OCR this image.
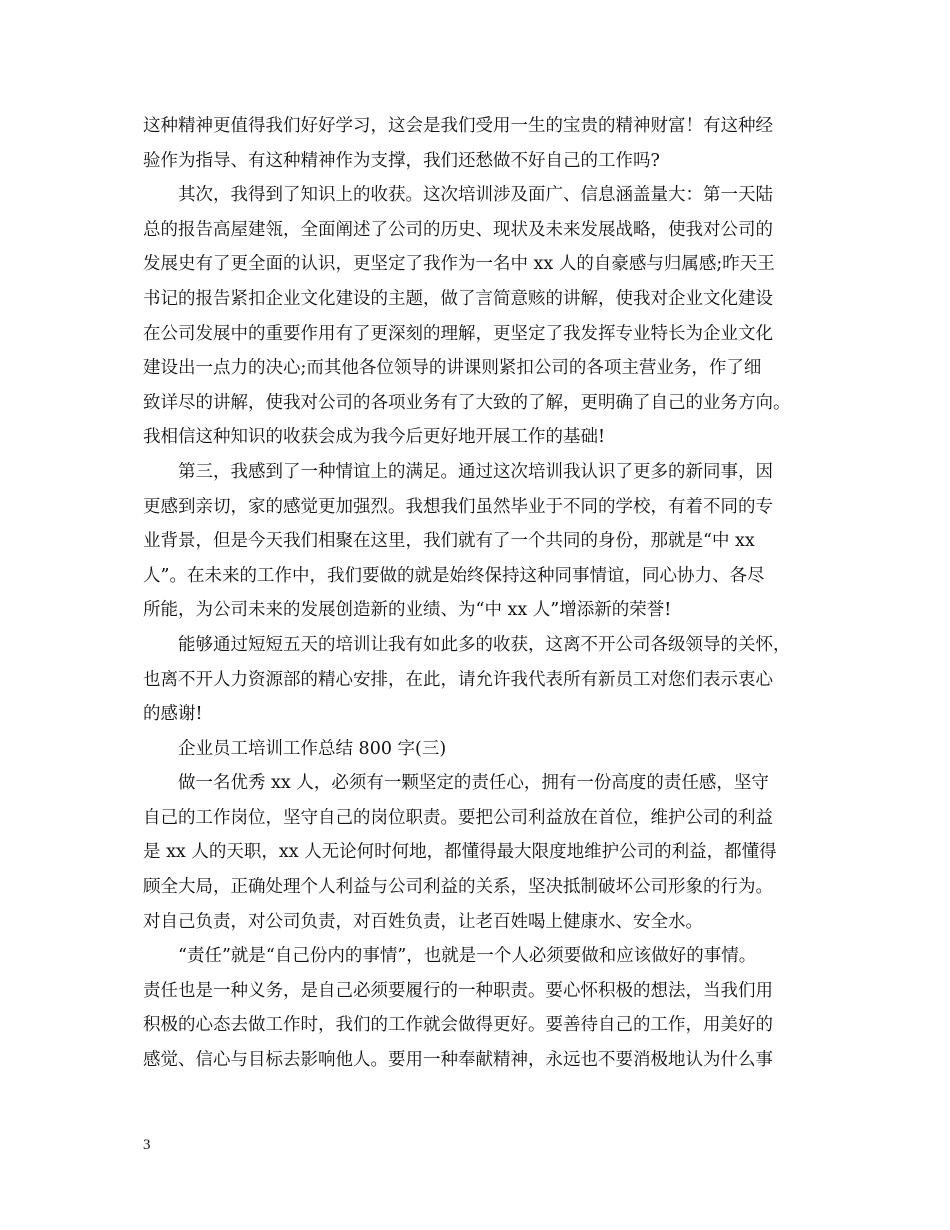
这种精神更值得我们好好学习，这会是我们受用一生的宝贵的精神财富！有这种经
验作为指导、有这种精神作为支撑，我们还愁做不好自己的工作吗?
其次，我得到了知识上的收获。这次培训涉及面广、信息涵盖量大：第一天陆
总的报告高屋建瓴，全面阐述了公司的历史、现状及未来发展战略，使我对公司的
发展史有了更全面的认识，更坚定了我作为一名中 xx 人的自豪感与归属感;昨天王
书记的报告紧扣企业文化建设的主题，做了言简意赅的讲解，使我对企业文化建设
在公司发展中的重要作用有了更深刻的理解，更坚定了我发挥专业特长为企业文化
建设出一点力的决心;而其他各位领导的讲课则紧扣公司的各项主营业务，作了细
致详尽的讲解，使我对公司的各项业务有了大致的了解，更明确了自己的业务方向。
我相信这种知识的收获会成为我今后更好地开展工作的基础!
第三，我感到了一种情谊上的满足。通过这次培训我认识了更多的新同事，因
更感到亲切，家的感觉更加强烈。我想我们虽然毕业于不同的学校，有着不同的专
业背景，但是今天我们相聚在这里，我们就有了一个共同的身份，那就是“中 xx
人”。在未来的工作中，我们要做的就是始终保持这种同事情谊，同心协力、各尽
所能，为公司未来的发展创造新的业绩、为“中 xx 人”增添新的荣誉!
能够通过短短五天的培训让我有如此多的收获，这离不开公司各级领导的关怀，
也离不开人力资源部的精心安排，在此，请允许我代表所有新员工对您们表示衷心
的感谢!
企业员工培训工作总结 800 字(三)
做一名优秀 xx 人，必须有一颗坚定的责任心，拥有一份高度的责任感，坚守
自己的工作岗位，坚守自己的岗位职责。要把公司利益放在首位，维护公司的利益
是 xx 人的天职，xx 人无论何时何地，都懂得最大限度地维护公司的利益，都懂得
顾全大局，正确处理个人利益与公司利益的关系，坚决抵制破坏公司形象的行为。
对自己负责，对公司负责，对百姓负责，让老百姓喝上健康水、安全水。
“责任”就是“自己份内的事情”，也就是一个人必须要做和应该做好的事情。
责任也是一种义务，是自己必须要履行的一种职责。要心怀积极的想法，当我们用
积极的心态去做工作时，我们的工作就会做得更好。要善待自己的工作，用美好的
感觉、信心与目标去影响他人。要用一种奉献精神，永远也不要消极地认为什么事
3
